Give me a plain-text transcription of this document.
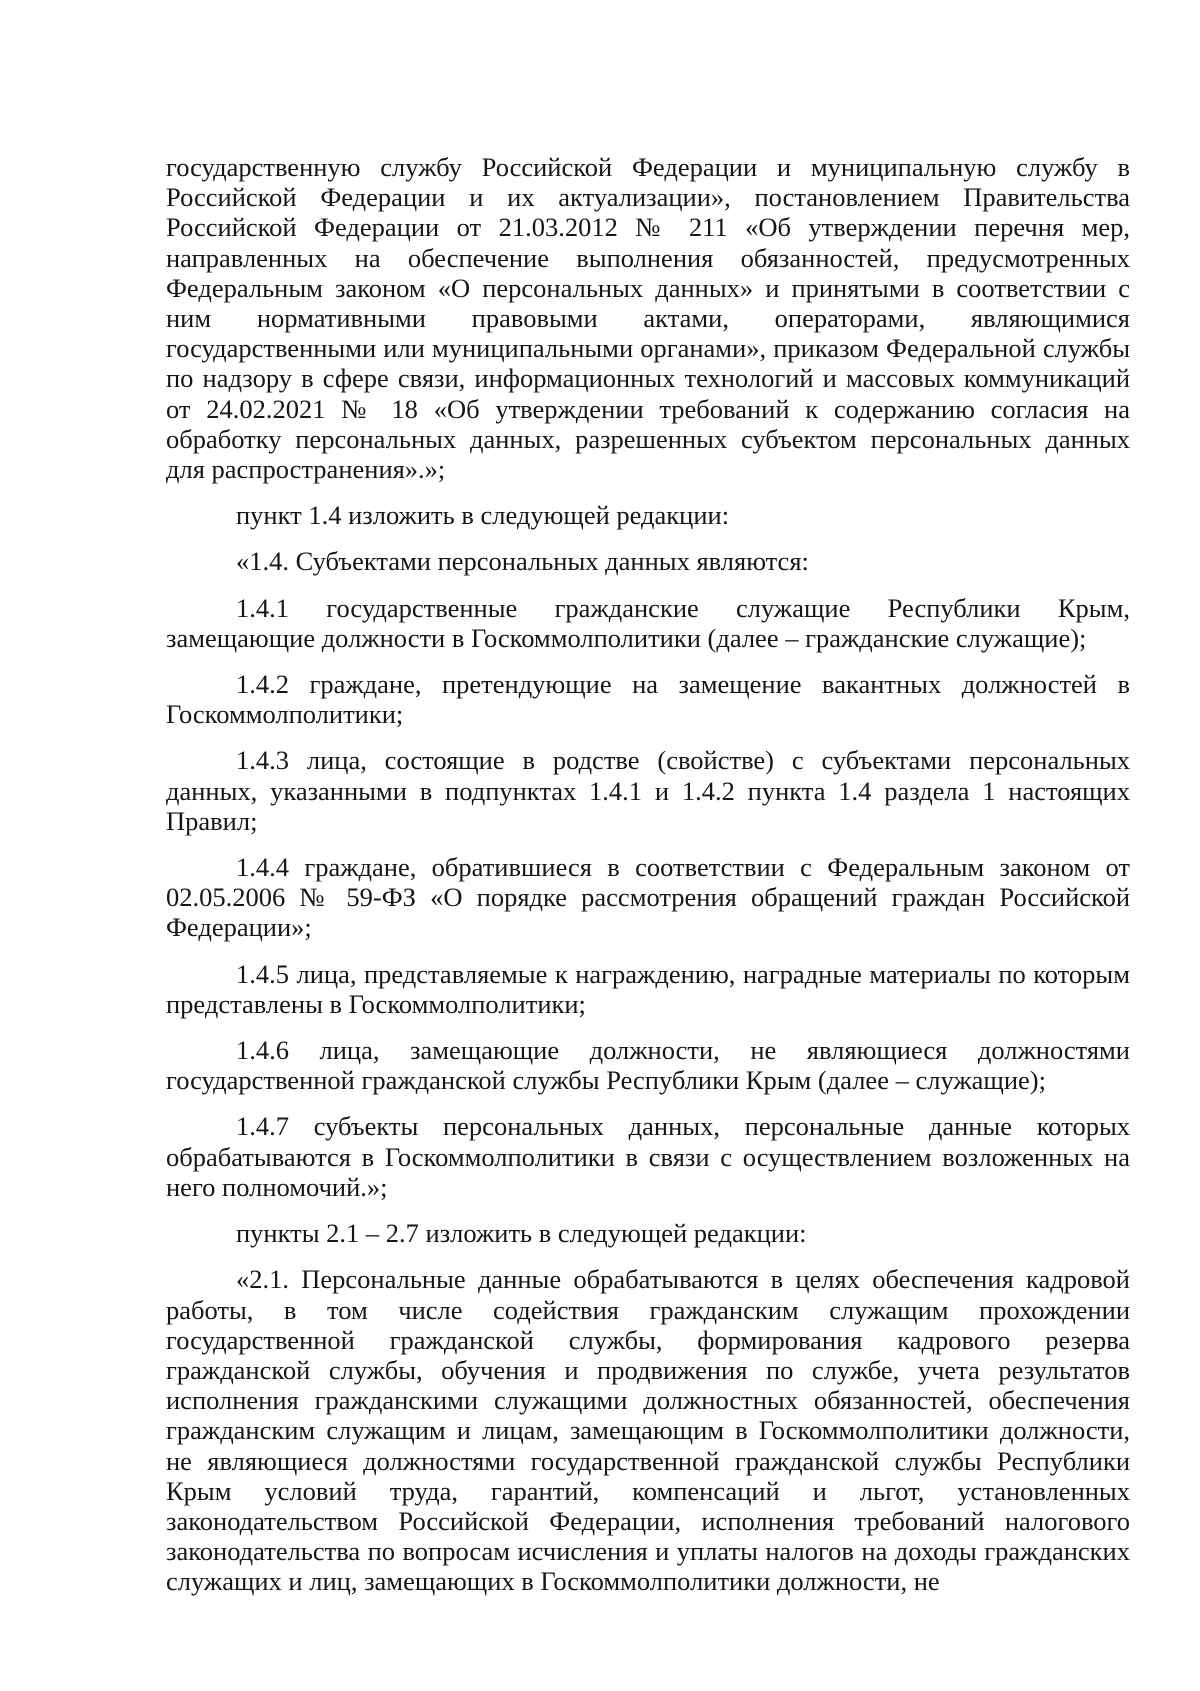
государственную службу Российской Федерации и муниципальную службу в Российской Федерации и их актуализации», постановлением Правительства Российской Федерации от 21.03.2012 № 211 «Об утверждении перечня мер, направленных на обеспечение выполнения обязанностей, предусмотренных Федеральным законом «О персональных данных» и принятыми в соответствии с ним нормативными правовыми актами, операторами, являющимися государственными или муниципальными органами», приказом Федеральной службы по надзору в сфере связи, информационных технологий и массовых коммуникаций от 24.02.2021 № 18 «Об утверждении требований к содержанию согласия на обработку персональных данных, разрешенных субъектом персональных данных для распространения».»;

пункт 1.4 изложить в следующей редакции:

«1.4. Субъектами персональных данных являются:

1.4.1 государственные гражданские служащие Республики Крым, замещающие должности в Госкоммолполитики (далее – гражданские служащие);

1.4.2 граждане, претендующие на замещение вакантных должностей в Госкоммолполитики;

1.4.3 лица, состоящие в родстве (свойстве) с субъектами персональных данных, указанными в подпунктах 1.4.1 и 1.4.2 пункта 1.4 раздела 1 настоящих Правил;

1.4.4 граждане, обратившиеся в соответствии с Федеральным законом от 02.05.2006 № 59-ФЗ «О порядке рассмотрения обращений граждан Российской Федерации»;

1.4.5 лица, представляемые к награждению, наградные материалы по которым представлены в Госкоммолполитики;

1.4.6 лица, замещающие должности, не являющиеся должностями государственной гражданской службы Республики Крым (далее – служащие);

1.4.7 субъекты персональных данных, персональные данные которых обрабатываются в Госкоммолполитики в связи с осуществлением возложенных на него полномочий.»;

пункты 2.1 – 2.7 изложить в следующей редакции:

«2.1. Персональные данные обрабатываются в целях обеспечения кадровой работы, в том числе содействия гражданским служащим прохождении государственной гражданской службы, формирования кадрового резерва гражданской службы, обучения и продвижения по службе, учета результатов исполнения гражданскими служащими должностных обязанностей, обеспечения гражданским служащим и лицам, замещающим в Госкоммолполитики должности, не являющиеся должностями государственной гражданской службы Республики Крым условий труда, гарантий, компенсаций и льгот, установленных законодательством Российской Федерации, исполнения требований налогового законодательства по вопросам исчисления и уплаты налогов на доходы гражданских служащих и лиц, замещающих в Госкоммолполитики должности, не
